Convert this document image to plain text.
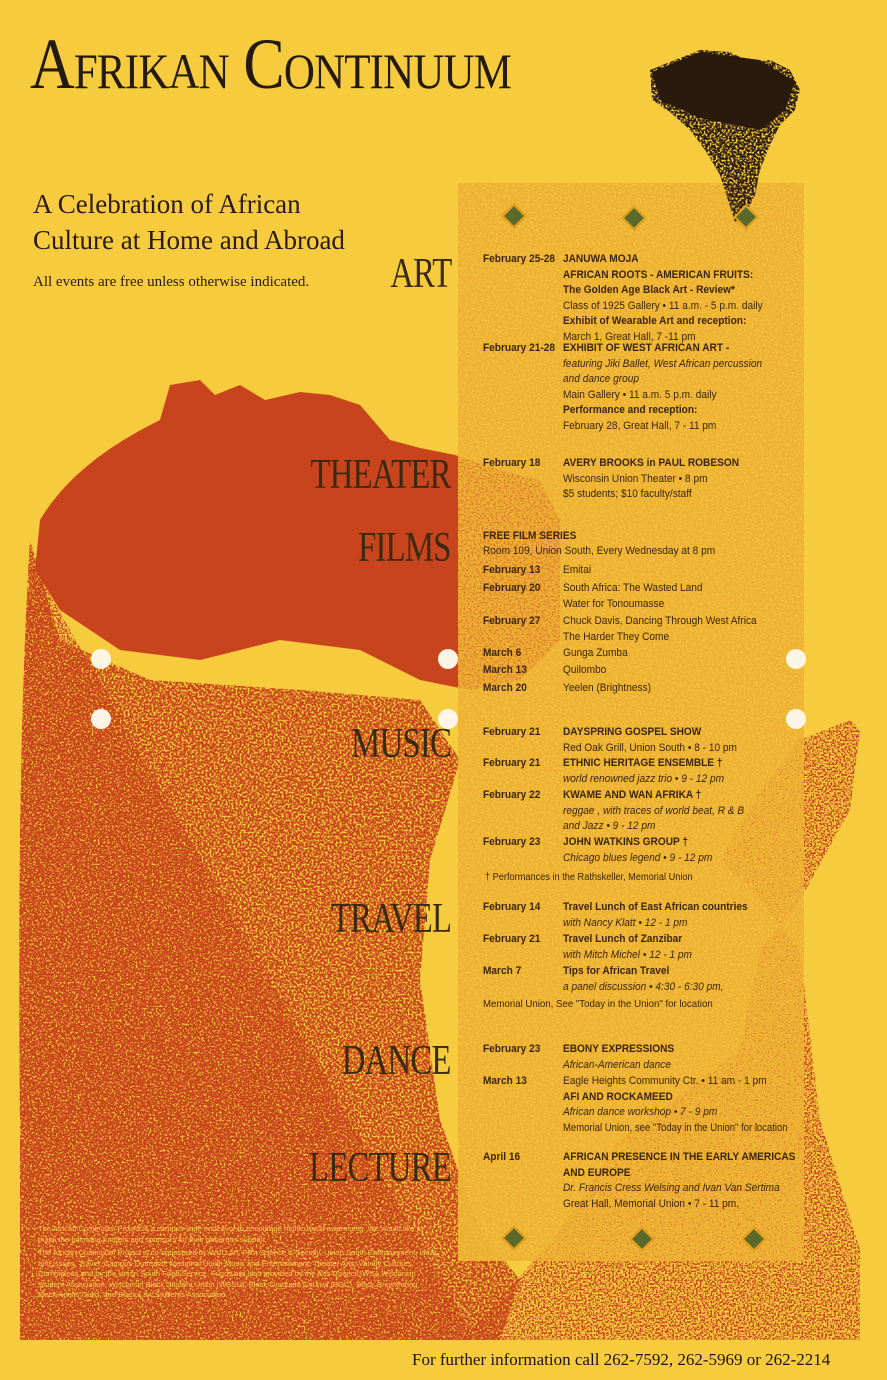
Afrikan Continuum
A Celebration of African
Culture at Home and Abroad
All events are free unless otherwise indicated. ART
THEATER
FILMS
MUSIC
TRAVEL
DANCE
LECTURE
February 25-28 JANUWA MOJA
AFRICAN ROOTS - AMERICAN FRUITS:
The Golden Age Black Art - Review*
Class of 1925 Gallery • 11 a.m. - 5 p.m. daily
Exhibit of Wearable Art and reception:
March 1, Great Hall, 7 -11 pm
February 21-28 EXHIBIT OF WEST AFRICAN ART -
featuring Jiki Ballet, West African percussion
and dance group
Main Gallery • 11 a.m. 5 p.m. daily
Performance and reception:
February 28, Great Hall, 7 - 11 pm
February 18 AVERY BROOKS in PAUL ROBESON
Wisconsin Union Theater • 8 pm
$5 students; $10 faculty/staff
FREE FILM SERIES
Room 109, Union South, Every Wednesday at 8 pm
February 13 Emitai
February 20 South Africa: The Wasted Land
Water for Tonoumasse
February 27 Chuck Davis, Dancing Through West Africa
The Harder They Come
March 6	Gunga Zumba
March 13	Quilombo
March 20	Yeelen (Brightness)
February 21 DAYSPRING GOSPEL SHOW
Red Oak Grill, Union South • 8 - 10 pm
February 21 ETHNIC HERITAGE ENSEMBLE †
world renowned jazz trio • 9 - 12 pm
February 22 KWAME AND WAN AFRIKA †
reggae , with traces of world beat, R & B
and Jazz • 9 - 12 pm
February 23 JOHN WATKINS GROUP †
Chicago blues legend • 9 - 12 pm
† Performances in the Rathskeller, Memorial Union
February 14 Travel Lunch of East African countries
with Nancy Klatt • 12 - 1 pm
February 21 Travel Lunch of Zanzibar
with Mitch Michel • 12 - 1 pm
March 7	Tips for African Travel
a panel discussion • 4:30 - 6:30 pm,
Memorial Union, See "Today in the Union" for location
February 23 EBONY EXPRESSIONS
African-American dance
March 13	Eagle Heights Community Ctr. • 11 am - 1 pm
AFI AND ROCKAMEED
African dance workshop • 7 - 9 pm
Memorial Union, see "Today in the Union" for location
April 16	AFRICAN PRESENCE IN THE EARLY AMERICAS
AND EUROPE
Dr. Francis Cress Welsing and Ivan Van Sertima
Great Hall, Memorial Union • 7 - 11 pm,

The African Continuum Project is a campus-wide endeavor to encourage multicultural awareness. We would like to thank the following funders and sponsors for their generous support.

The African Continuum Project is co-sponsored by WUD Art, Film Science & Society, Union South Entertainment, Ideas and Issues, Travel, Campus Outreach, Memorial Union Music and Entertainment, Theater Arts, Varsity Cultures Committees and by the Union South Food Service. Funds are also provided by the Arts Council, WSA Wisconsin Student Association, Wisconsin Black Student Union (WBSU), Black Graduate Council (BGC), Black Engineering, Black Artists Guild, and Black Law Students Association.

For further information call 262-7592, 262-5969 or 262-2214
